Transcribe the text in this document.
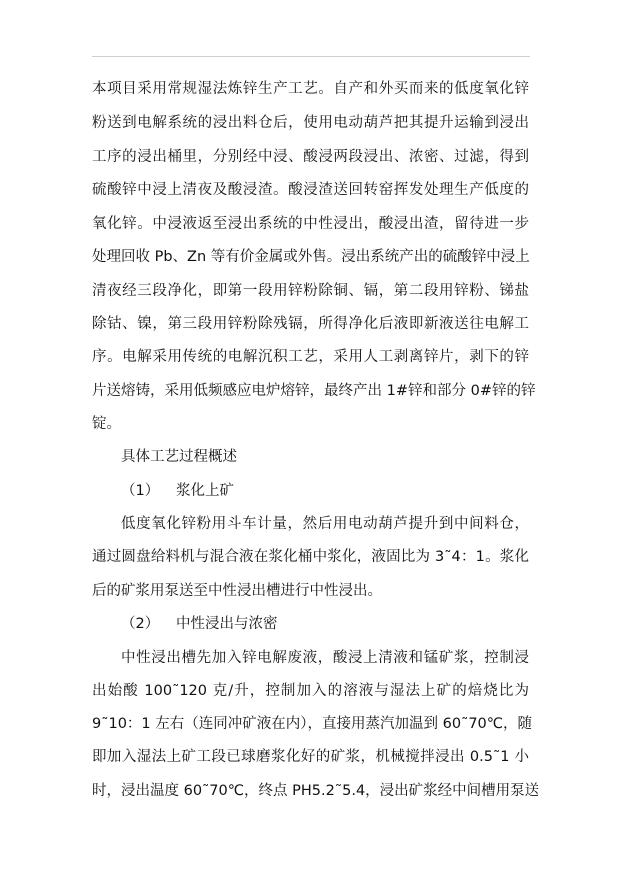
本项目采用常规湿法炼锌生产工艺。自产和外买而来的低度氧化锌
粉送到电解系统的浸出料仓后，使用电动葫芦把其提升运输到浸出
工序的浸出桶里，分别经中浸、酸浸两段浸出、浓密、过滤，得到
硫酸锌中浸上清夜及酸浸渣。酸浸渣送回转窑挥发处理生产低度的
氧化锌。中浸液返至浸出系统的中性浸出，酸浸出渣，留待进一步
处理回收 Pb、Zn 等有价金属或外售。浸出系统产出的硫酸锌中浸上
清夜经三段净化，即第一段用锌粉除铜、镉，第二段用锌粉、锑盐
除钴、镍，第三段用锌粉除残镉，所得净化后液即新液送往电解工
序。电解采用传统的电解沉积工艺，采用人工剥离锌片，剥下的锌
片送熔铸，采用低频感应电炉熔锌，最终产出 1#锌和部分 0#锌的锌
锭。
具体工艺过程概述
（1） 浆化上矿
低度氧化锌粉用斗车计量，然后用电动葫芦提升到中间料仓，
通过圆盘给料机与混合液在浆化桶中浆化，液固比为 3˜4：1。浆化
后的矿浆用泵送至中性浸出槽进行中性浸出。
（2） 中性浸出与浓密
中性浸出槽先加入锌电解废液，酸浸上清液和锰矿浆，控制浸
出始酸 100˜120 克/升，控制加入的溶液与湿法上矿的焙烧比为
9˜10：1 左右（连同冲矿液在内），直接用蒸汽加温到 60˜70℃，随
即加入湿法上矿工段已球磨浆化好的矿浆，机械搅拌浸出 0.5˜1 小
时，浸出温度 60˜70℃，终点 PH5.2˜5.4，浸出矿浆经中间槽用泵送
